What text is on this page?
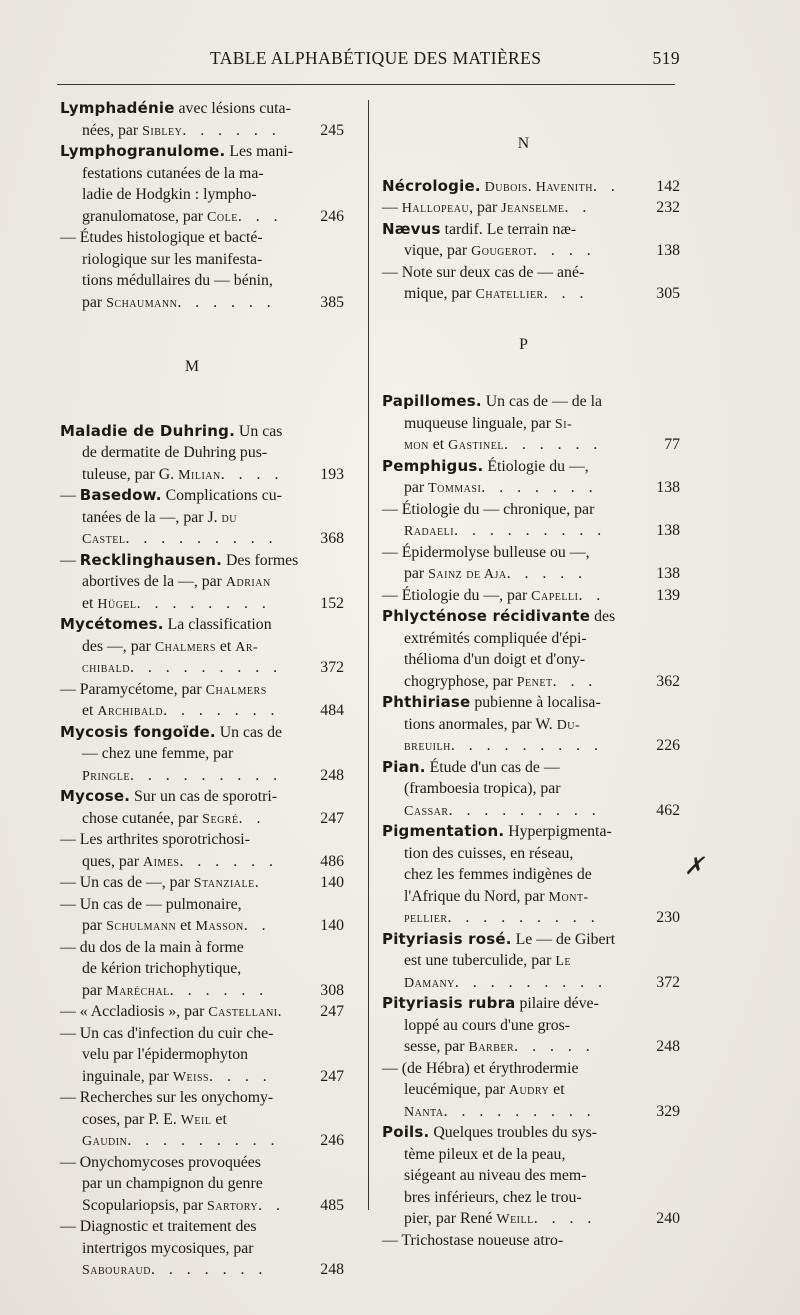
TABLE ALPHABÉTIQUE DES MATIÈRES	519
Lymphadénie avec lésions cuta-
nées, par Sibley. . . . . .	245
Lymphogranulome. Les mani-
festations cutanées de la ma-
ladie de Hodgkin : lympho-
granulomatose, par Cole. . .	246
— Études histologique et bacté-
riologique sur les manifesta-
tions médullaires du — bénin,
par Schaumann. . . . . .	385
M
Maladie de Duhring. Un cas
de dermatite de Duhring pus-
tuleuse, par G. Milian. . . .	193
— Basedow. Complications cu-
tanées de la —, par J. du
Castel. . . . . . . . .	368
— Recklinghausen. Des formes
abortives de la —, par Adrian
et Hügel. . . . . . . .	152
Mycétomes. La classification
des —, par Chalmers et Ar-
chibald. . . . . . . . .	372
— Paramycétome, par Chalmers
et Archibald. . . . . . .	484
Mycosis fongoïde. Un cas de
— chez une femme, par
Pringle. . . . . . . . .	248
Mycose. Sur un cas de sporotri-
chose cutanée, par Segré. .	247
— Les arthrites sporotrichosi-
ques, par Aimes. . . . . .	486
— Un cas de —, par Stanziale.	140
— Un cas de — pulmonaire,
par Schulmann et Masson. .	140
— du dos de la main à forme
de kérion trichophytique,
par Maréchal. . . . . .	308
— « Accladiosis », par Castellani.	247
— Un cas d'infection du cuir che-
velu par l'épidermophyton
inguinale, par Weiss. . . .	247
— Recherches sur les onychomy-
coses, par P. E. Weil et
Gaudin. . . . . . . . .	246
— Onychomycoses provoquées
par un champignon du genre
Scopulariopsis, par Sartory. .	485
— Diagnostic et traitement des
intertrigos mycosiques, par
Sabouraud. . . . . . .	248
N
Nécrologie. Dubois. Havenith. .	142
— Hallopeau, par Jeanselme. .	232
Nævus tardif. Le terrain næ-
vique, par Gougerot. . . .	138
— Note sur deux cas de — ané-
mique, par Chatellier. . .	305
P
Papillomes. Un cas de — de la
muqueuse linguale, par Si-
mon et Gastinel. . . . . .	77
Pemphigus. Étiologie du —,
par Tommasi. . . . . . .	138
— Étiologie du — chronique, par
Radaeli. . . . . . . . .	138
— Épidermolyse bulleuse ou —,
par Sainz de Aja. . . . .	138
— Étiologie du —, par Capelli. .	139
Phlycténose récidivante des
extrémités compliquée d'épi-
thélioma d'un doigt et d'ony-
chogryphose, par Penet. . .	362
Phthiriase pubienne à localisa-
tions anormales, par W. Du-
breuilh. . . . . . . . .	226
Pian. Étude d'un cas de —
(framboesia tropica), par
Cassar. . . . . . . . .	462
Pigmentation. Hyperpigmenta-
tion des cuisses, en réseau,
chez les femmes indigènes de
l'Afrique du Nord, par Mont-
pellier. . . . . . . . .	230
Pityriasis rosé. Le — de Gibert
est une tuberculide, par Le
Damany. . . . . . . . .	372
Pityriasis rubra pilaire déve-
loppé au cours d'une gros-
sesse, par Barber. . . . .	248
— (de Hébra) et érythrodermie
leucémique, par Audry et
Nanta. . . . . . . . .	329
Poils. Quelques troubles du sys-
tème pileux et de la peau,
siégeant au niveau des mem-
bres inférieurs, chez le trou-
pier, par René Weill. . . .	240
— Trichostase noueuse atro-
✗
